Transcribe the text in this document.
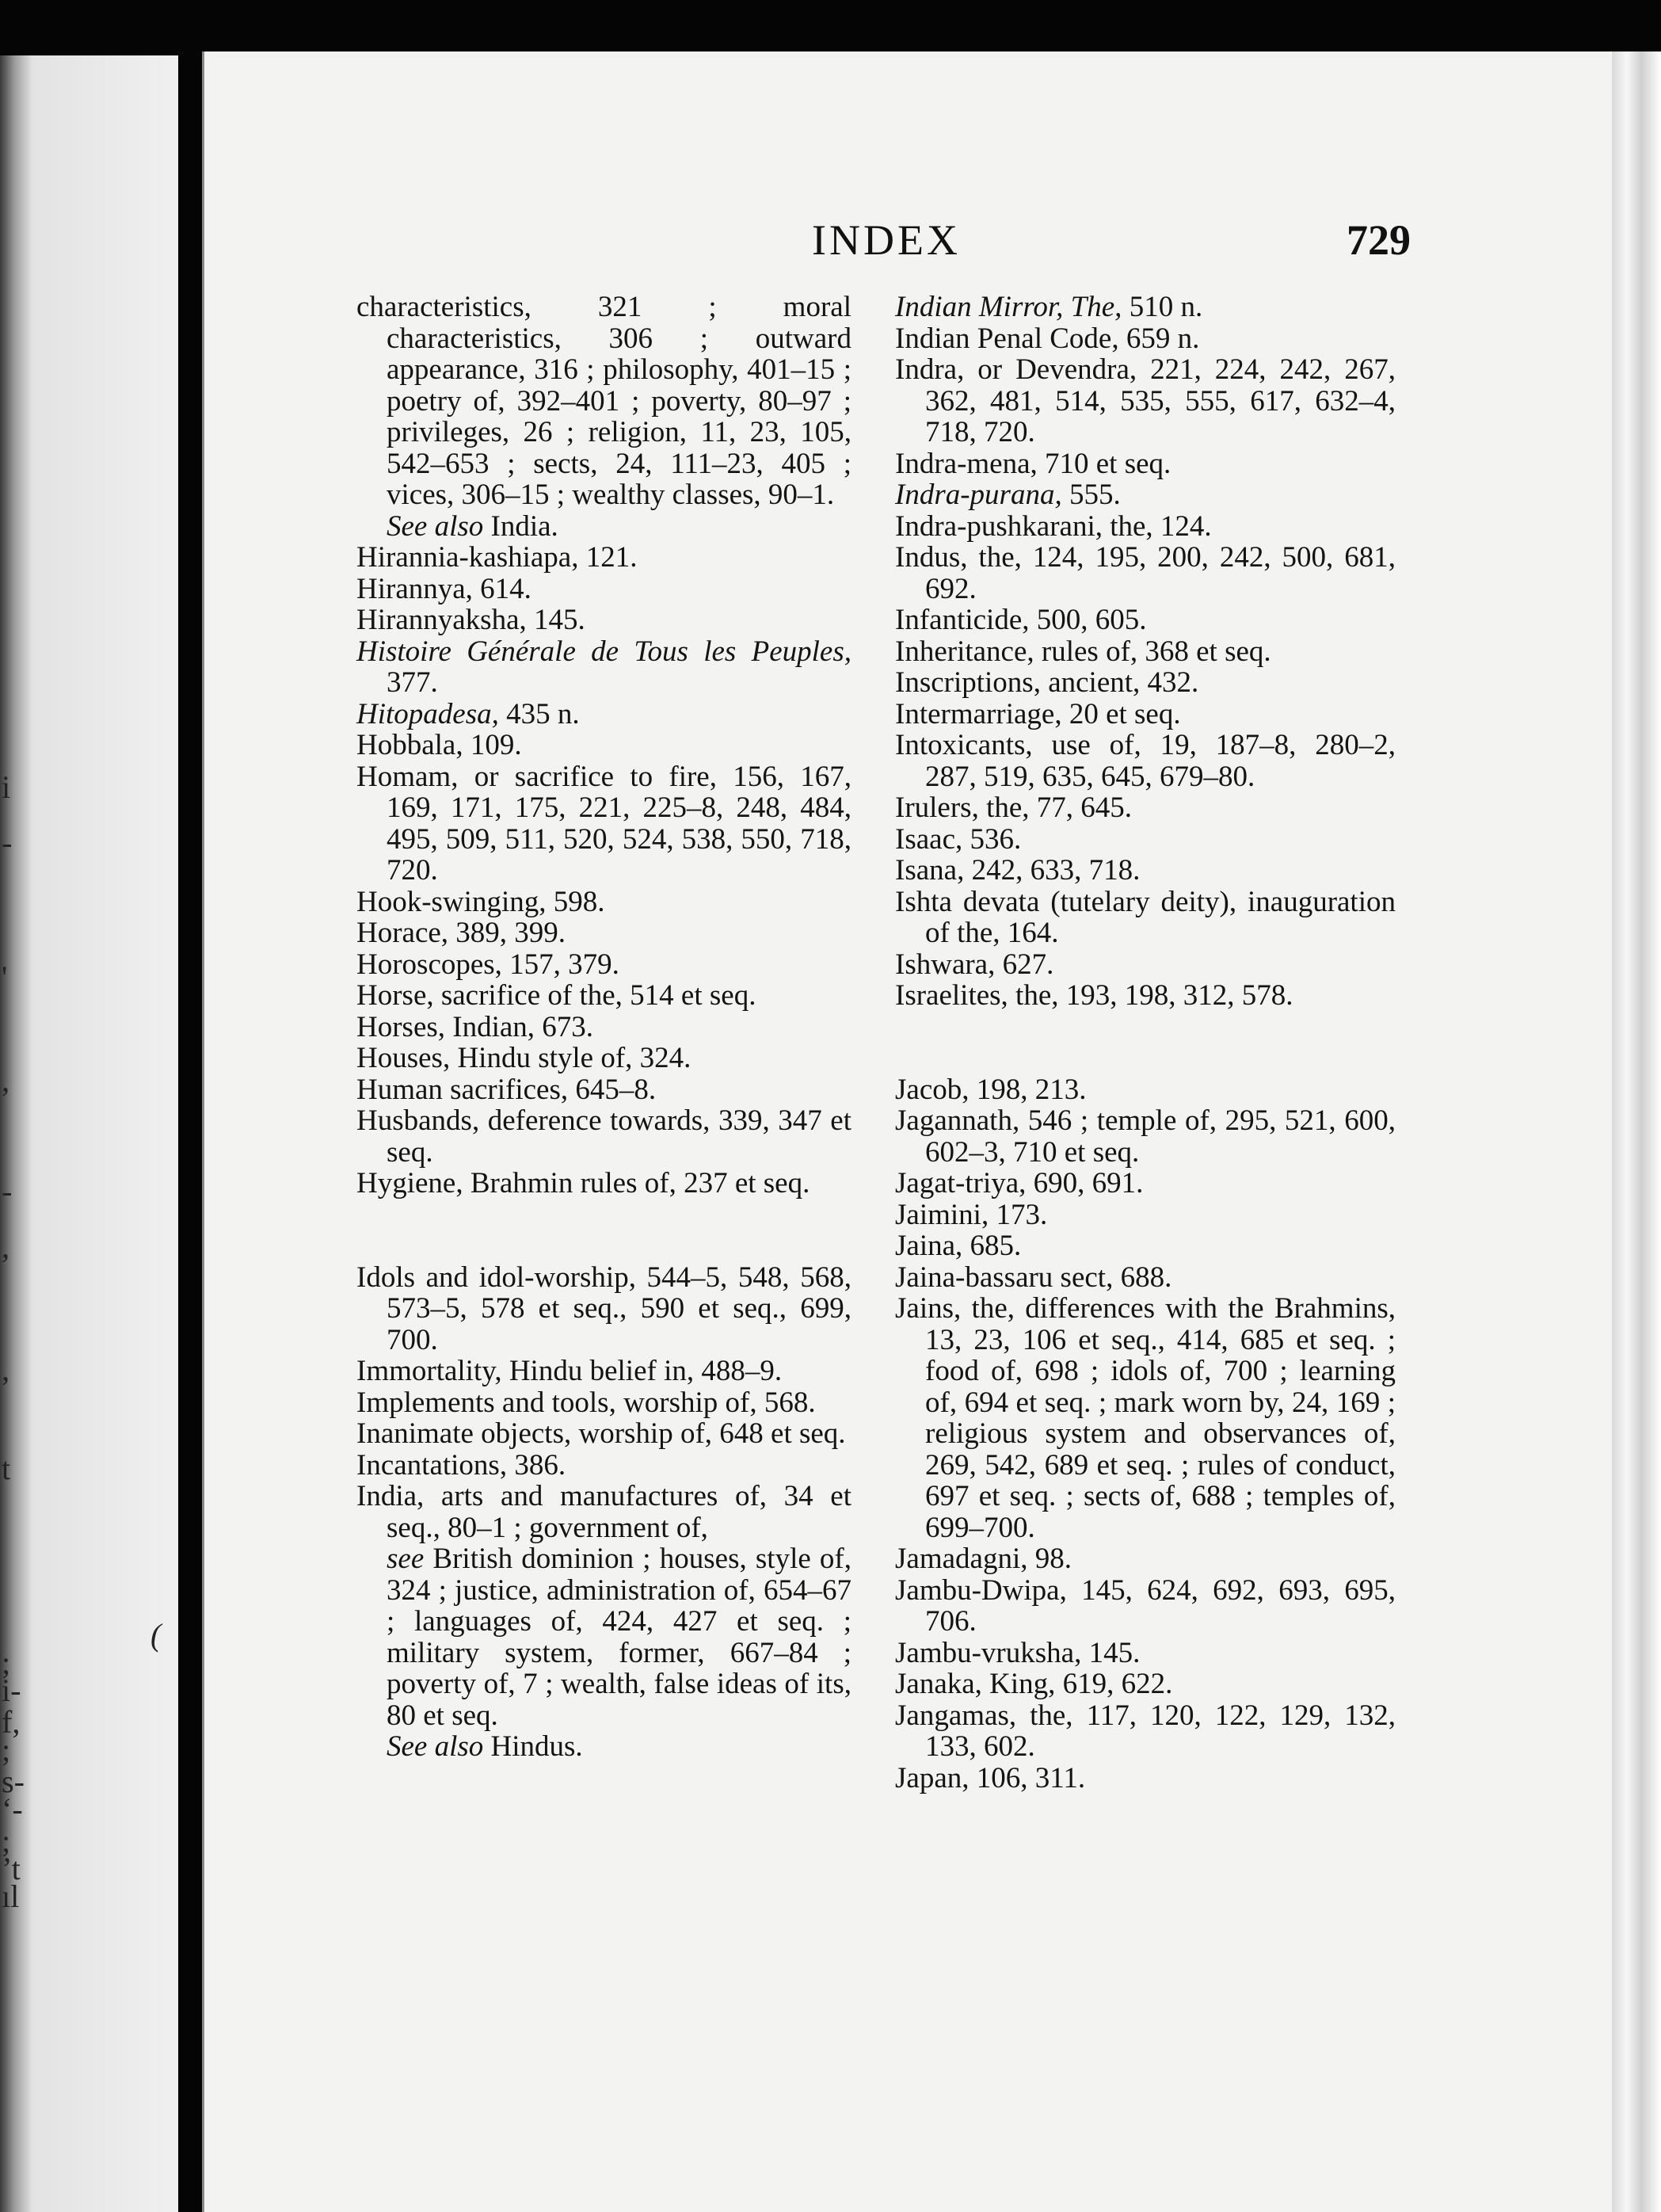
i
-
'
,
-
,
,
t
;
i-
f,
;
s-
‘-
;
’t
ıl
(
INDEX	729
characteristics, 321 ; moral characteristics, 306 ; outward appearance, 316 ; philosophy, 401–15 ; poetry of, 392–401 ; poverty, 80–97 ; privileges, 26 ; religion, 11, 23, 105, 542–653 ; sects, 24, 111–23, 405 ; vices, 306–15 ; wealthy classes, 90–1.
See also India.
Hirannia-kashiapa, 121.
Hirannya, 614.
Hirannyaksha, 145.
Histoire Générale de Tous les Peuples, 377.
Hitopadesa, 435 n.
Hobbala, 109.
Homam, or sacrifice to fire, 156, 167, 169, 171, 175, 221, 225–8, 248, 484, 495, 509, 511, 520, 524, 538, 550, 718, 720.
Hook-swinging, 598.
Horace, 389, 399.
Horoscopes, 157, 379.
Horse, sacrifice of the, 514 et seq.
Horses, Indian, 673.
Houses, Hindu style of, 324.
Human sacrifices, 645–8.
Husbands, deference towards, 339, 347 et seq.
Hygiene, Brahmin rules of, 237 et seq.
Idols and idol-worship, 544–5, 548, 568, 573–5, 578 et seq., 590 et seq., 699, 700.
Immortality, Hindu belief in, 488–9.
Implements and tools, worship of, 568.
Inanimate objects, worship of, 648 et seq.
Incantations, 386.
India, arts and manufactures of, 34 et seq., 80–1 ; government of,
see British dominion ; houses, style of, 324 ; justice, administration of, 654–67 ; languages of, 424, 427 et seq. ; military system, former, 667–84 ; poverty of, 7 ; wealth, false ideas of its, 80 et seq.
See also Hindus.
Indian Mirror, The, 510 n.
Indian Penal Code, 659 n.
Indra, or Devendra, 221, 224, 242, 267, 362, 481, 514, 535, 555, 617, 632–4, 718, 720.
Indra-mena, 710 et seq.
Indra-purana, 555.
Indra-pushkarani, the, 124.
Indus, the, 124, 195, 200, 242, 500, 681, 692.
Infanticide, 500, 605.
Inheritance, rules of, 368 et seq.
Inscriptions, ancient, 432.
Intermarriage, 20 et seq.
Intoxicants, use of, 19, 187–8, 280–2, 287, 519, 635, 645, 679–80.
Irulers, the, 77, 645.
Isaac, 536.
Isana, 242, 633, 718.
Ishta devata (tutelary deity), inauguration of the, 164.
Ishwara, 627.
Israelites, the, 193, 198, 312, 578.
Jacob, 198, 213.
Jagannath, 546 ; temple of, 295, 521, 600, 602–3, 710 et seq.
Jagat-triya, 690, 691.
Jaimini, 173.
Jaina, 685.
Jaina-bassaru sect, 688.
Jains, the, differences with the Brahmins, 13, 23, 106 et seq., 414, 685 et seq. ; food of, 698 ; idols of, 700 ; learning of, 694 et seq. ; mark worn by, 24, 169 ; religious system and observances of, 269, 542, 689 et seq. ; rules of conduct, 697 et seq. ; sects of, 688 ; temples of, 699–700.
Jamadagni, 98.
Jambu-Dwipa, 145, 624, 692, 693, 695, 706.
Jambu-vruksha, 145.
Janaka, King, 619, 622.
Jangamas, the, 117, 120, 122, 129, 132, 133, 602.
Japan, 106, 311.
